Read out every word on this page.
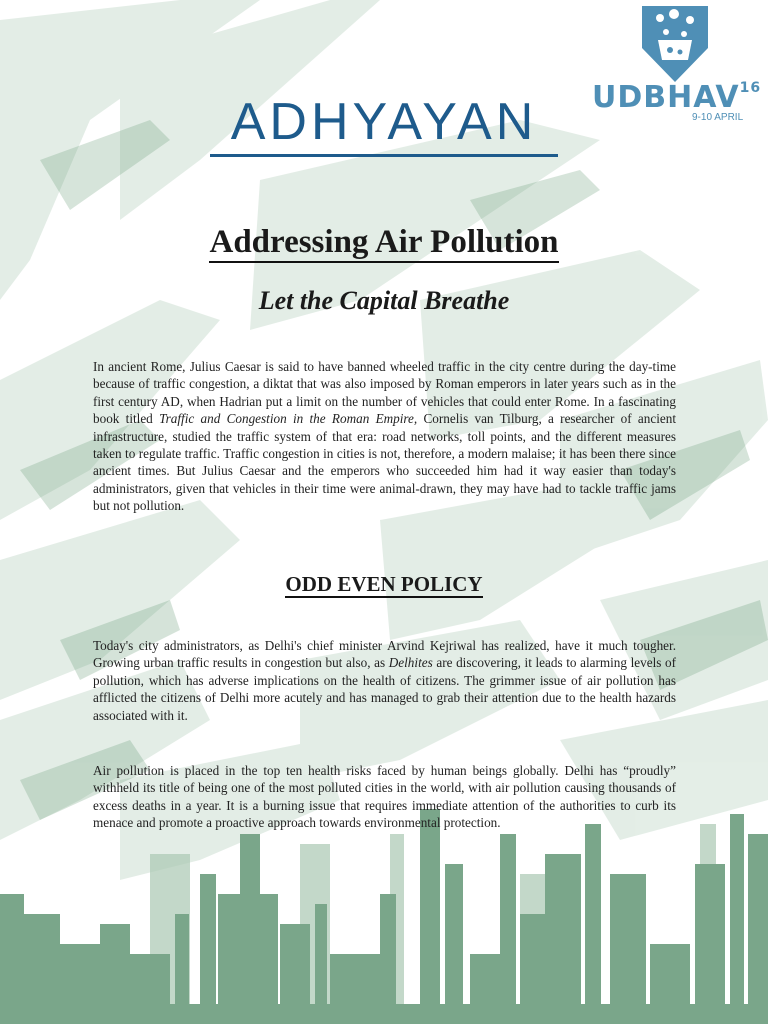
UDBHAV$^{16}$
9-10 APRIL
ADHYAYAN
Addressing Air Pollution
Let the Capital Breathe
In ancient Rome, Julius Caesar is said to have banned wheeled traffic in the city centre during the day-time because of traffic congestion, a diktat that was also imposed by Roman emperors in later years such as in the first century AD, when Hadrian put a limit on the number of vehicles that could enter Rome. In a fascinating book titled Traffic and Congestion in the Roman Empire, Cornelis van Tilburg, a researcher of ancient infrastructure, studied the traffic system of that era: road networks, toll points, and the different measures taken to regulate traffic. Traffic congestion in cities is not, therefore, a modern malaise; it has been there since ancient times. But Julius Caesar and the emperors who succeeded him had it way easier than today's administrators, given that vehicles in their time were animal-drawn, they may have had to tackle traffic jams but not pollution.
ODD EVEN POLICY
Today's city administrators, as Delhi's chief minister Arvind Kejriwal has realized, have it much tougher. Growing urban traffic results in congestion but also, as Delhites are discovering, it leads to alarming levels of pollution, which has adverse implications on the health of citizens. The grimmer issue of air pollution has afflicted the citizens of Delhi more acutely and has managed to grab their attention due to the health hazards associated with it.
Air pollution is placed in the top ten health risks faced by human beings globally. Delhi has “proudly” withheld its title of being one of the most polluted cities in the world, with air pollution causing thousands of excess deaths in a year. It is a burning issue that requires immediate attention of the authorities to curb its menace and promote a proactive approach towards environmental protection.
